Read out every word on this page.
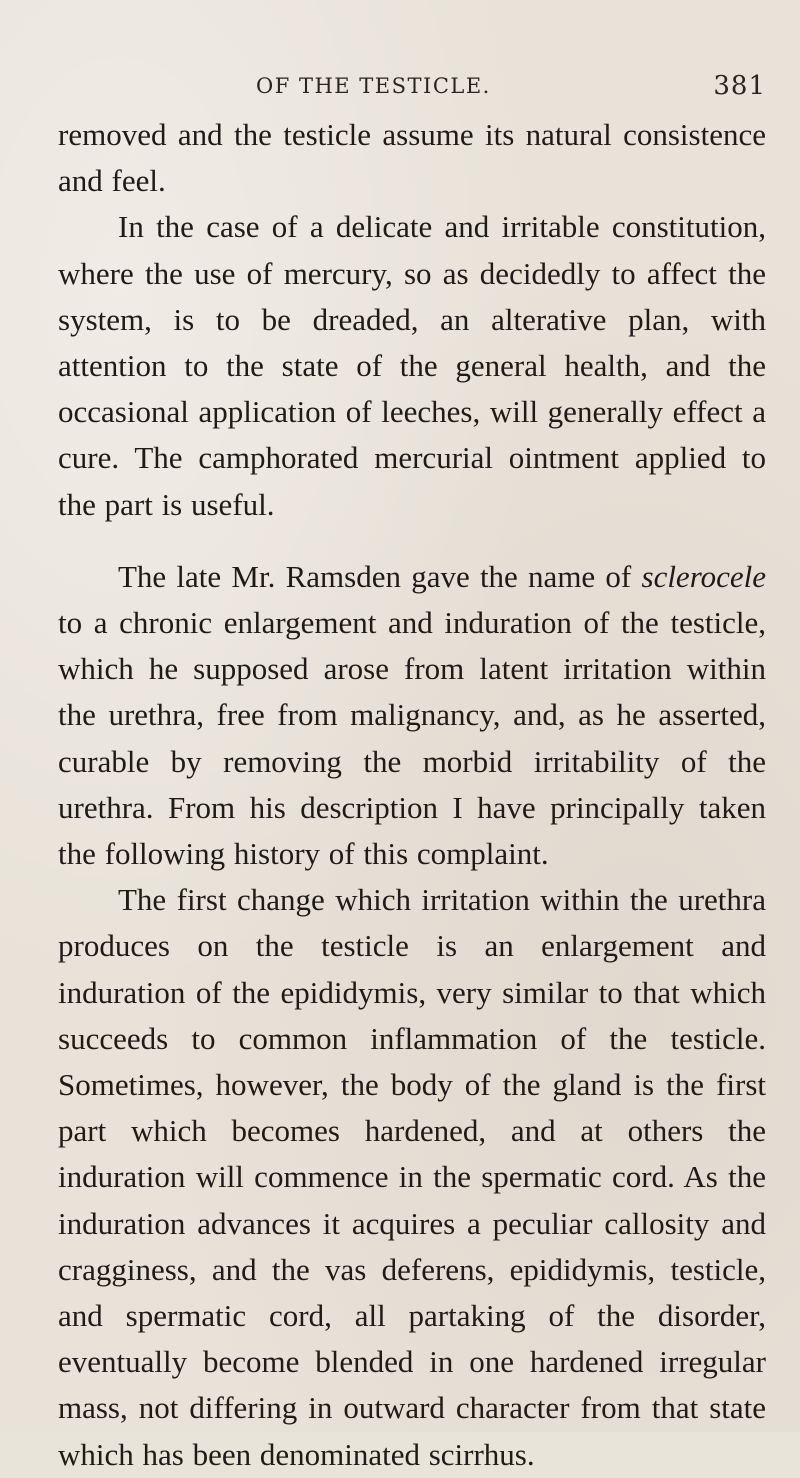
OF THE TESTICLE.	381

removed and the testicle assume its natural consistence and feel.

In the case of a delicate and irritable constitution, where the use of mercury, so as decidedly to affect the system, is to be dreaded, an alterative plan, with attention to the state of the general health, and the occasional application of leeches, will generally effect a cure. The camphorated mercurial ointment applied to the part is useful.

The late Mr. Ramsden gave the name of sclerocele to a chronic enlargement and induration of the testicle, which he supposed arose from latent irritation within the urethra, free from malignancy, and, as he asserted, curable by removing the morbid irritability of the urethra. From his description I have principally taken the following history of this complaint.

The first change which irritation within the urethra produces on the testicle is an enlargement and induration of the epididymis, very similar to that which succeeds to common inflammation of the testicle. Sometimes, however, the body of the gland is the first part which becomes hardened, and at others the induration will commence in the spermatic cord. As the induration advances it acquires a peculiar callosity and cragginess, and the vas deferens, epididymis, testicle, and spermatic cord, all partaking of the disorder, eventually become blended in one hardened irregular mass, not differing in outward character from that state which has been denominated scirrhus.
